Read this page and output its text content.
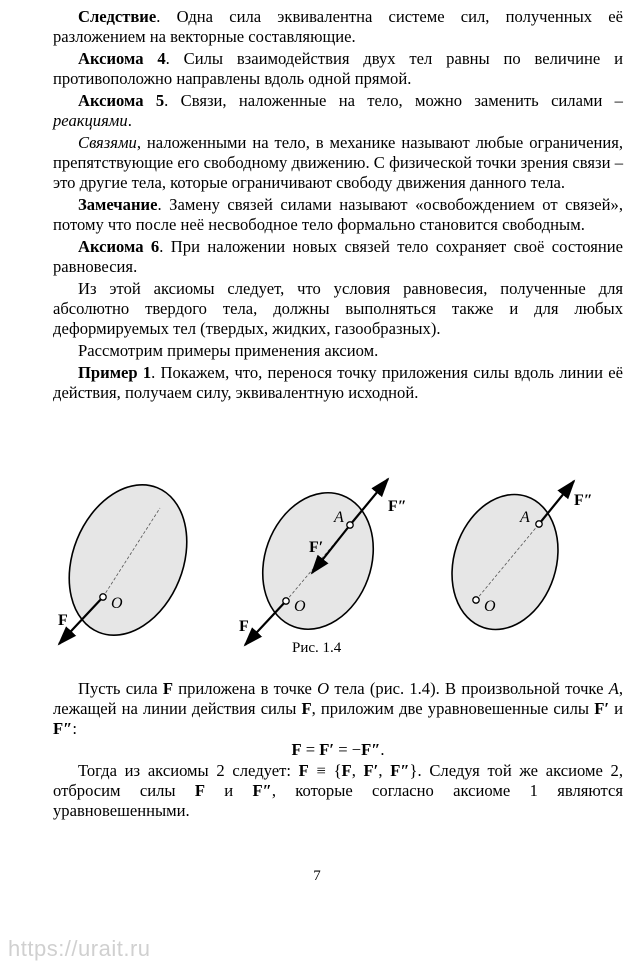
Следствие. Одна сила эквивалентна системе сил, полученных её разложением на векторные составляющие.

Аксиома 4. Силы взаимодействия двух тел равны по величине и противоположно направлены вдоль одной прямой.

Аксиома 5. Связи, наложенные на тело, можно заменить силами – реакциями.

Связями, наложенными на тело, в механике называют любые ограничения, препятствующие его свободному движению. С физической точки зрения связи – это другие тела, которые ограничивают свободу движения данного тела.

Замечание. Замену связей силами называют «освобождением от связей», потому что после неё несвободное тело формально становится свободным.

Аксиома 6. При наложении новых связей тело сохраняет своё состояние равновесия.

Из этой аксиомы следует, что условия равновесия, полученные для абсолютно твердого тела, должны выполняться также и для любых деформируемых тел (твердых, жидких, газообразных).

Рассмотрим примеры применения аксиом.

Пример 1. Покажем, что, перенося точку приложения силы вдоль линии её действия, получаем силу, эквивалентную исходной.

O
F
O
A
F
F′
F″
O
A
F″
Рис. 1.4

Пусть сила F приложена в точке O тела (рис. 1.4). В произвольной точке A, лежащей на линии действия силы F, приложим две уравновешенные силы F′ и F″:

F = F′ = −F″.

Тогда из аксиомы 2 следует: F ≡ {F, F′, F″}. Следуя той же аксиоме 2, отбросим силы F и F″, которые согласно аксиоме 1 являются уравновешенными.

7
https://urait.ru
